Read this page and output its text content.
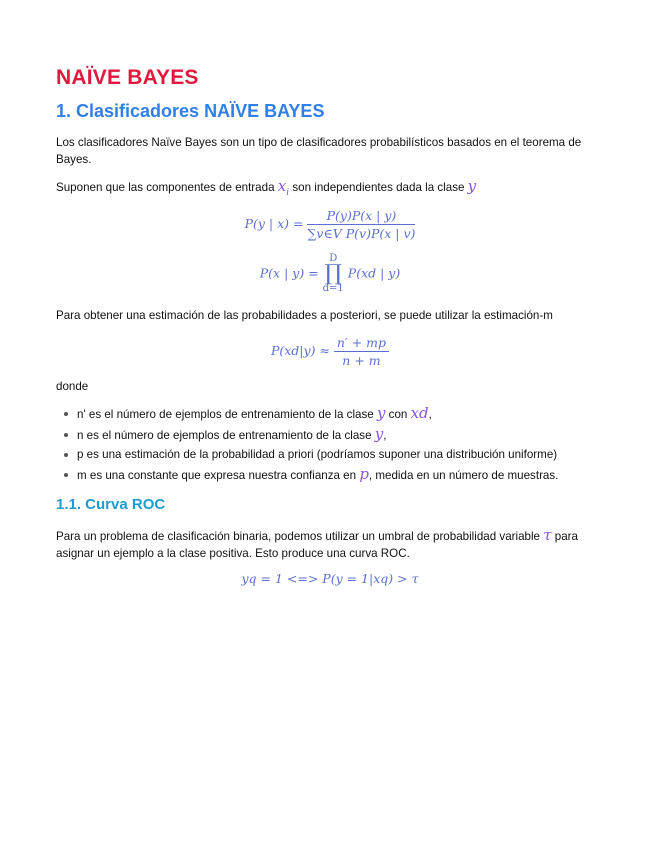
NAÏVE BAYES
1. Clasificadores NAÏVE BAYES

Los clasificadores Naïve Bayes son un tipo de clasificadores probabilísticos basados en el teorema de Bayes.

Suponen que las componentes de entrada $x_i$ son independientes dada la clase y

P(y | $x) = \frac{P(y)P(x | y)}{\text{∑v∈V P(v)P(x | v)}}$
P(x | y) = D
∏
d=1 P(xd | y)

Para obtener una estimación de las probabilidades a posteriori, se puede utilizar la estimación-m

$P(xd|y) \approx \frac{n' + mp}{n + m}$

donde

n' es el número de ejemplos de entrenamiento de la clase y con xd,
n es el número de ejemplos de entrenamiento de la clase y,
p es una estimación de la probabilidad a priori (podríamos suponer una distribución uniforme)
m es una constante que expresa nuestra confianza en p, medida en un número de muestras.
1.1. Curva ROC

Para un problema de clasificación binaria, podemos utilizar un umbral de probabilidad variable τ para asignar un ejemplo a la clase positiva. Esto produce una curva ROC.

yq = 1 <=> P(y = 1|xq) > τ
